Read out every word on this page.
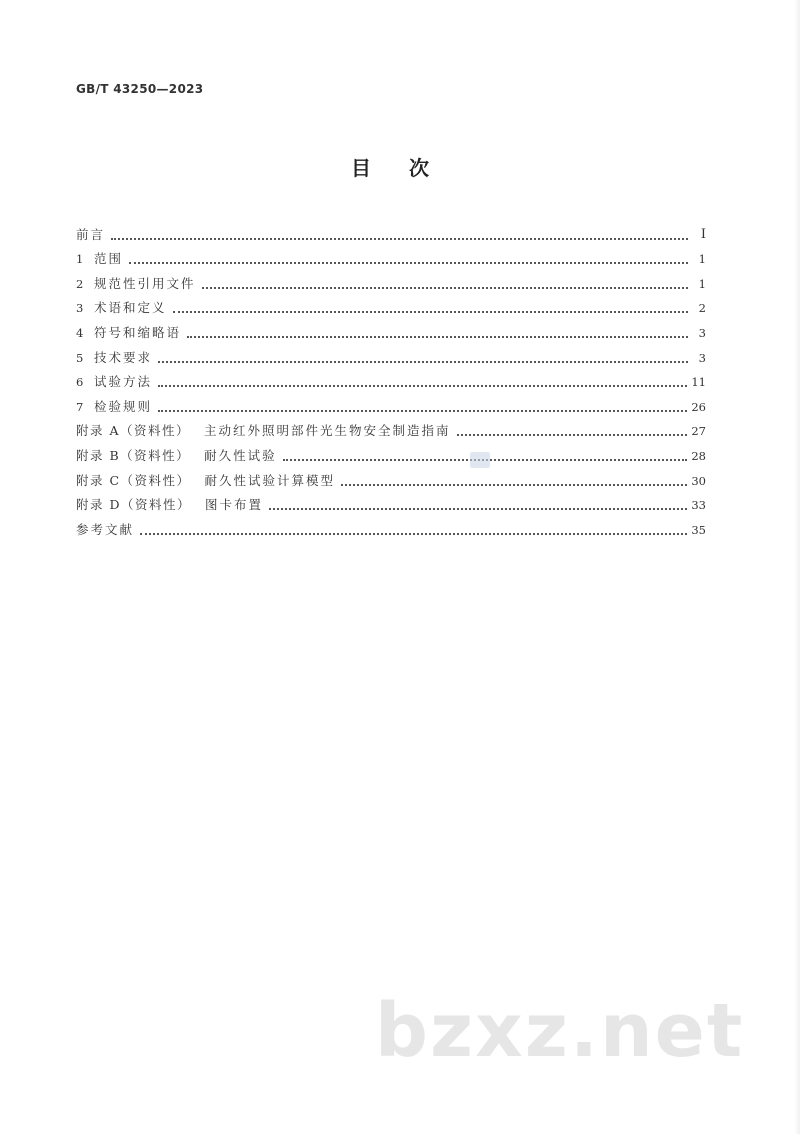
GB/T 43250—2023
目次
前言	Ⅰ
1 范围	1
2 规范性引用文件	1
3 术语和定义	2
4 符号和缩略语	3
5 技术要求	3
6 试验方法	11
7 检验规则	26
附录 A（资料性） 主动红外照明部件光生物安全制造指南	27
附录 B（资料性） 耐久性试验	28
附录 C（资料性） 耐久性试验计算模型	30
附录 D（资料性） 图卡布置	33
参考文献	35
bzxz.net
